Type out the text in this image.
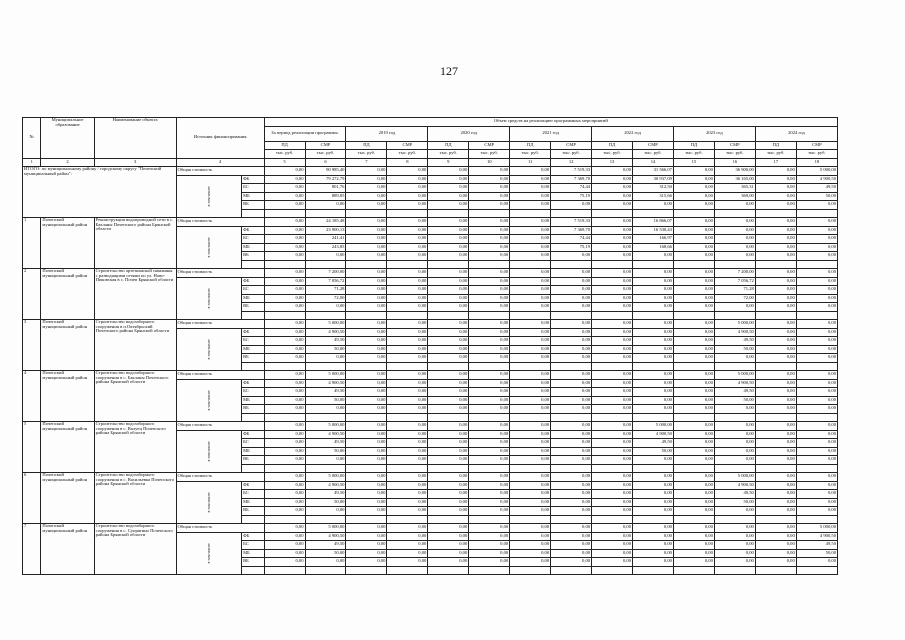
127
№	Муниципальное образование	Наименование объекта	Источник финансирования		Объем средств на реализацию программных мероприятий													
					За период реализации программы:		2019 год		2020 год		2021 год		2022 год		2023 год		2024 год	
					ПД	СМР	ПД	СМР	ПД	СМР	ПД	СМР	ПД	СМР	ПД	СМР	ПД	СМР
					тыс. руб.	тыс. руб.	тыс. руб.	тыс. руб.	тыс. руб.	тыс. руб.	тыс. руб.	тыс. руб.	тыс. руб.	тыс. руб.	тыс. руб.	тыс. руб.	тыс. руб.	тыс. руб.
1	2	3	4		5	6	7	8	9	10	11	12	13	14	15	16	17	18
ИТОГО: по муниципальному району / городскому округу "Почепский муниципальный район":			Общая стоимость		0,00	90 985,40	0,00	0,00	0,00	0,00	0,00	7 519,33	0,00	31 566,07	0,00	36 900,00	0,00	5 000,00
			в том числе:	ФБ	0,00	79 272,79	0,00	0,00	0,00	0,00	0,00	7 369,70	0,00	30 937,09	0,00	36 165,00	0,00	4 900,50
				БС	0,00	801,76	0,00	0,00	0,00	0,00	0,00	74,44	0,00	312,50	0,00	365,31	0,00	49,50
				МБ	0,00	889,85	0,00	0,00	0,00	0,00	0,00	75,19	0,00	315,66	0,00	369,00	0,00	50,00
				ВБ	0,00	0,00	0,00	0,00	0,00	0,00	0,00	0,00	0,00	0,00	0,00	0,00	0,00	0,00

1	Почепский муниципальный район	Реконструкция водопроводной сети в с. Бакланы Почепского района Брянской области	Общая стоимость		0,00	24 185,48	0,00	0,00	0,00	0,00	0,00	7 519,33	0,00	16 866,07	0,00	0,00	0,00	0,00
			в том числе:	ФБ	0,00	23 900,13	0,00	0,00	0,00	0,00	0,00	7 369,70	0,00	16 530,43	0,00	0,00	0,00	0,00
				БС	0,00	241,41	0,00	0,00	0,00	0,00	0,00	74,44	0,00	166,97	0,00	0,00	0,00	0,00
				МБ	0,00	243,85	0,00	0,00	0,00	0,00	0,00	75,19	0,00	168,66	0,00	0,00	0,00	0,00
				ВБ	0,00	0,00	0,00	0,00	0,00	0,00	0,00	0,00	0,00	0,00	0,00	0,00	0,00	0,00

2	Почепский муниципальный район	Строительство артезианской скважины с разводящими сетями по ул. Ново-Пиковская в с. Почеп Брянской области	Общая стоимость		0,00	7 200,00	0,00	0,00	0,00	0,00	0,00	0,00	0,00	0,00	0,00	7 200,00	0,00	0,00
			в том числе:	ФБ	0,00	7 056,72	0,00	0,00	0,00	0,00	0,00	0,00	0,00	0,00	0,00	7 056,72	0,00	0,00
				БС	0,00	71,28	0,00	0,00	0,00	0,00	0,00	0,00	0,00	0,00	0,00	71,28	0,00	0,00
				МБ	0,00	72,00	0,00	0,00	0,00	0,00	0,00	0,00	0,00	0,00	0,00	72,00	0,00	0,00
				ВБ	0,00	0,00	0,00	0,00	0,00	0,00	0,00	0,00	0,00	0,00	0,00	0,00	0,00	0,00

3	Почепский муниципальный район	Строительство водозаборного сооружения в п.Октябрьский Почепского района Брянской области	Общая стоимость		0,00	5 000,00	0,00	0,00	0,00	0,00	0,00	0,00	0,00	0,00	0,00	5 000,00	0,00	0,00
			в том числе:	ФБ	0,00	4 900,50	0,00	0,00	0,00	0,00	0,00	0,00	0,00	0,00	0,00	4 900,50	0,00	0,00
				БС	0,00	49,50	0,00	0,00	0,00	0,00	0,00	0,00	0,00	0,00	0,00	49,50	0,00	0,00
				МБ	0,00	50,00	0,00	0,00	0,00	0,00	0,00	0,00	0,00	0,00	0,00	50,00	0,00	0,00
				ВБ	0,00	0,00	0,00	0,00	0,00	0,00	0,00	0,00	0,00	0,00	0,00	0,00	0,00	0,00

4	Почепский муниципальный район	Строительство водозаборного сооружения в с. Бакланы Почепского района Брянской области	Общая стоимость		0,00	5 000,00	0,00	0,00	0,00	0,00	0,00	0,00	0,00	0,00	0,00	5 000,00	0,00	0,00
			в том числе:	ФБ	0,00	4 900,50	0,00	0,00	0,00	0,00	0,00	0,00	0,00	0,00	0,00	4 900,50	0,00	0,00
				БС	0,00	49,50	0,00	0,00	0,00	0,00	0,00	0,00	0,00	0,00	0,00	49,50	0,00	0,00
				МБ	0,00	50,00	0,00	0,00	0,00	0,00	0,00	0,00	0,00	0,00	0,00	50,00	0,00	0,00
				ВБ	0,00	0,00	0,00	0,00	0,00	0,00	0,00	0,00	0,00	0,00	0,00	0,00	0,00	0,00

5	Почепский муниципальный район	Строительство водозаборного сооружения в с. Валуец Почепского района Брянской области	Общая стоимость		0,00	5 000,00	0,00	0,00	0,00	0,00	0,00	0,00	0,00	5 000,00	0,00	0,00	0,00	0,00
			в том числе:	ФБ	0,00	4 900,50	0,00	0,00	0,00	0,00	0,00	0,00	0,00	4 900,50	0,00	0,00	0,00	0,00
				БС	0,00	49,50	0,00	0,00	0,00	0,00	0,00	0,00	0,00	49,50	0,00	0,00	0,00	0,00
				МБ	0,00	50,00	0,00	0,00	0,00	0,00	0,00	0,00	0,00	50,00	0,00	0,00	0,00	0,00
				ВБ	0,00	0,00	0,00	0,00	0,00	0,00	0,00	0,00	0,00	0,00	0,00	0,00	0,00	0,00

6	Почепский муниципальный район	Строительство водозаборного сооружения в с. Васильевка Почепского района Брянской области	Общая стоимость		0,00	5 000,00	0,00	0,00	0,00	0,00	0,00	0,00	0,00	0,00	0,00	5 000,00	0,00	0,00
			в том числе:	ФБ	0,00	4 900,50	0,00	0,00	0,00	0,00	0,00	0,00	0,00	0,00	0,00	4 900,50	0,00	0,00
				БС	0,00	49,50	0,00	0,00	0,00	0,00	0,00	0,00	0,00	0,00	0,00	49,50	0,00	0,00
				МБ	0,00	50,00	0,00	0,00	0,00	0,00	0,00	0,00	0,00	0,00	0,00	50,00	0,00	0,00
				ВБ	0,00	0,00	0,00	0,00	0,00	0,00	0,00	0,00	0,00	0,00	0,00	0,00	0,00	0,00

7	Почепский муниципальный район	Строительство водозаборного сооружения в с. Супрягино Почепского района Брянской области	Общая стоимость		0,00	5 000,00	0,00	0,00	0,00	0,00	0,00	0,00	0,00	0,00	0,00	0,00	0,00	5 000,00
			в том числе:	ФБ	0,00	4 900,50	0,00	0,00	0,00	0,00	0,00	0,00	0,00	0,00	0,00	0,00	0,00	4 900,50
				БС	0,00	49,50	0,00	0,00	0,00	0,00	0,00	0,00	0,00	0,00	0,00	0,00	0,00	49,50
				МБ	0,00	50,00	0,00	0,00	0,00	0,00	0,00	0,00	0,00	0,00	0,00	0,00	0,00	50,00
				ВБ	0,00	0,00	0,00	0,00	0,00	0,00	0,00	0,00	0,00	0,00	0,00	0,00	0,00	0,00
